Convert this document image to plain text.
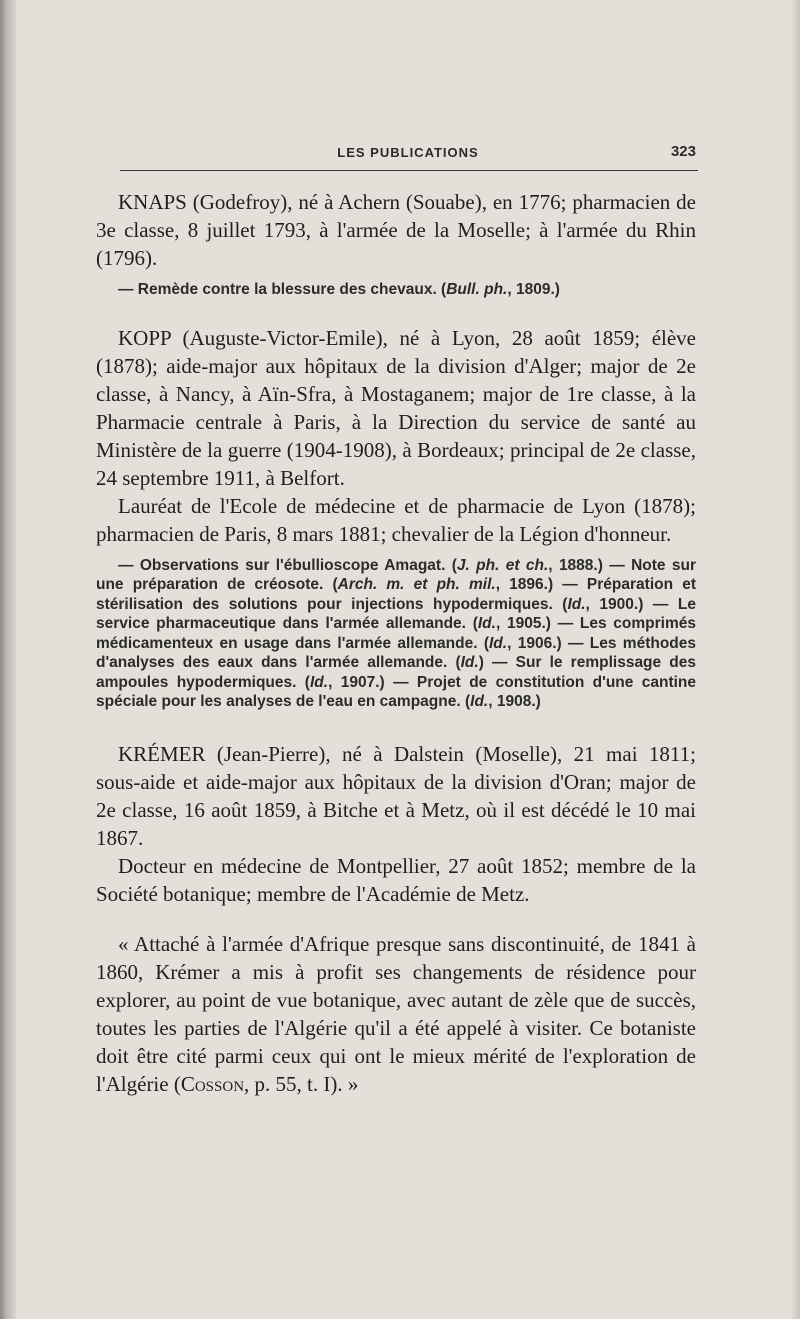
LES PUBLICATIONS	323

KNAPS (Godefroy), né à Achern (Souabe), en 1776; pharmacien de 3e classe, 8 juillet 1793, à l'armée de la Moselle; à l'armée du Rhin (1796).

— Remède contre la blessure des chevaux. (Bull. ph., 1809.)

KOPP (Auguste-Victor-Emile), né à Lyon, 28 août 1859; élève (1878); aide-major aux hôpitaux de la division d'Alger; major de 2e classe, à Nancy, à Aïn-Sfra, à Mostaganem; major de 1re classe, à la Pharmacie centrale à Paris, à la Direction du service de santé au Ministère de la guerre (1904-1908), à Bordeaux; principal de 2e classe, 24 septembre 1911, à Belfort.

Lauréat de l'Ecole de médecine et de pharmacie de Lyon (1878); pharmacien de Paris, 8 mars 1881; chevalier de la Légion d'honneur.

— Observations sur l'ébullioscope Amagat. (J. ph. et ch., 1888.) — Note sur une préparation de créosote. (Arch. m. et ph. mil., 1896.) — Préparation et stérilisation des solutions pour injections hypodermiques. (Id., 1900.) — Le service pharmaceutique dans l'armée allemande. (Id., 1905.) — Les comprimés médicamenteux en usage dans l'armée allemande. (Id., 1906.) — Les méthodes d'analyses des eaux dans l'armée allemande. (Id.) — Sur le remplissage des ampoules hypodermiques. (Id., 1907.) — Projet de constitution d'une cantine spéciale pour les analyses de l'eau en campagne. (Id., 1908.)

KRÉMER (Jean-Pierre), né à Dalstein (Moselle), 21 mai 1811; sous-aide et aide-major aux hôpitaux de la division d'Oran; major de 2e classe, 16 août 1859, à Bitche et à Metz, où il est décédé le 10 mai 1867.

Docteur en médecine de Montpellier, 27 août 1852; membre de la Société botanique; membre de l'Académie de Metz.

« Attaché à l'armée d'Afrique presque sans discontinuité, de 1841 à 1860, Krémer a mis à profit ses changements de résidence pour explorer, au point de vue botanique, avec autant de zèle que de succès, toutes les parties de l'Algérie qu'il a été appelé à visiter. Ce botaniste doit être cité parmi ceux qui ont le mieux mérité de l'exploration de l'Algérie (Cosson, p. 55, t. I). »
